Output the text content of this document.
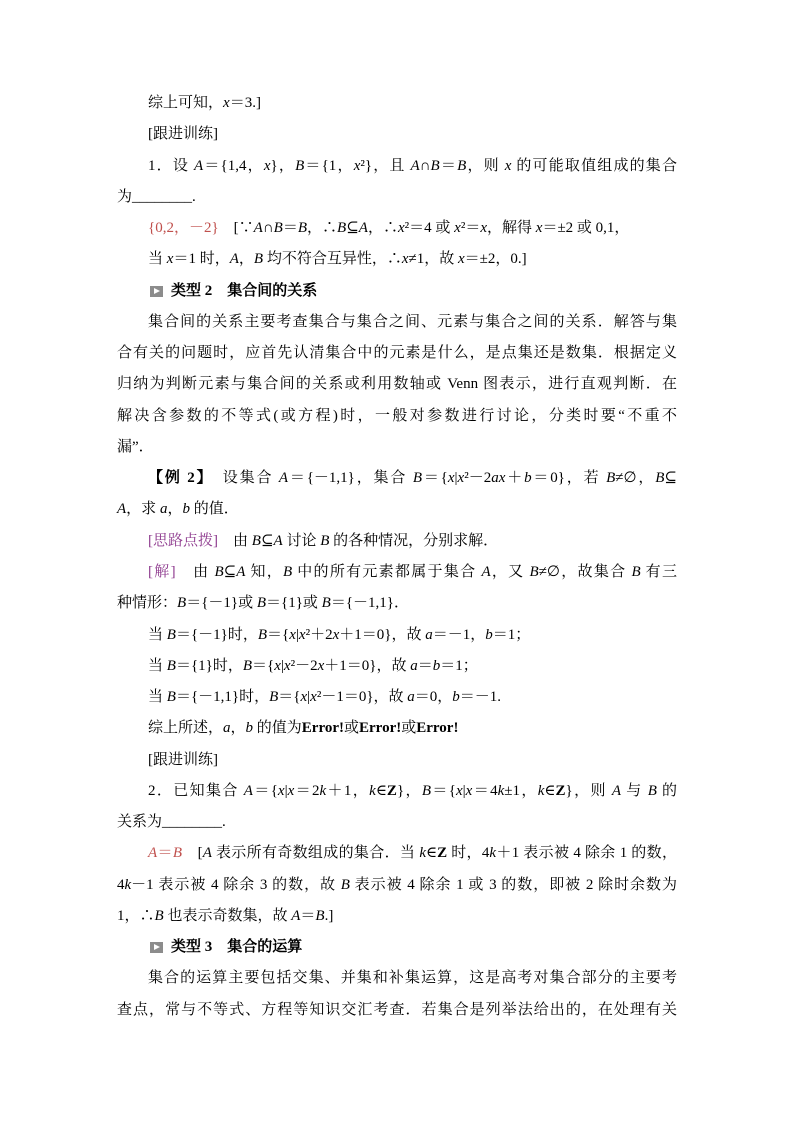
综上可知，x＝3.]
[跟进训练]
1．设 A＝{1,4，x}，B＝{1，x²}，且 A∩B＝B，则 x 的可能取值组成的集合
为________.
{0,2，－2}　[∵A∩B＝B，∴B⊆A，∴x²＝4 或 x²＝x，解得 x＝±2 或 0,1，
当 x＝1 时，A，B 均不符合互异性，∴x≠1，故 x＝±2，0.]
类型 2 集合间的关系
集合间的关系主要考查集合与集合之间、元素与集合之间的关系．解答与集
合有关的问题时，应首先认清集合中的元素是什么，是点集还是数集．根据定义
归纳为判断元素与集合间的关系或利用数轴或 Venn 图表示，进行直观判断．在
解决含参数的不等式(或方程)时，一般对参数进行讨论，分类时要“不重不
漏”．
【例 2】　设集合 A＝{－1,1}，集合 B＝{x|x²－2ax＋b＝0}，若 B≠∅，B⊆
A，求 a，b 的值．
[思路点拨]　由 B⊆A 讨论 B 的各种情况，分别求解．
[解]　由 B⊆A 知，B 中的所有元素都属于集合 A，又 B≠∅，故集合 B 有三
种情形：B＝{－1}或 B＝{1}或 B＝{－1,1}．
当 B＝{－1}时，B＝{x|x²＋2x＋1＝0}，故 a＝－1，b＝1；
当 B＝{1}时，B＝{x|x²－2x＋1＝0}，故 a＝b＝1；
当 B＝{－1,1}时，B＝{x|x²－1＝0}，故 a＝0，b＝－1.
综上所述，a，b 的值为Error!或Error!或Error!
[跟进训练]
2．已知集合 A＝{x|x＝2k＋1，k∈Z}，B＝{x|x＝4k±1，k∈Z}，则 A 与 B 的
关系为________.
A＝B　[A 表示所有奇数组成的集合．当 k∈Z 时，4k＋1 表示被 4 除余 1 的数，
4k－1 表示被 4 除余 3 的数，故 B 表示被 4 除余 1 或 3 的数，即被 2 除时余数为
1，∴B 也表示奇数集，故 A＝B.]
类型 3 集合的运算
集合的运算主要包括交集、并集和补集运算，这是高考对集合部分的主要考
查点，常与不等式、方程等知识交汇考查．若集合是列举法给出的，在处理有关
